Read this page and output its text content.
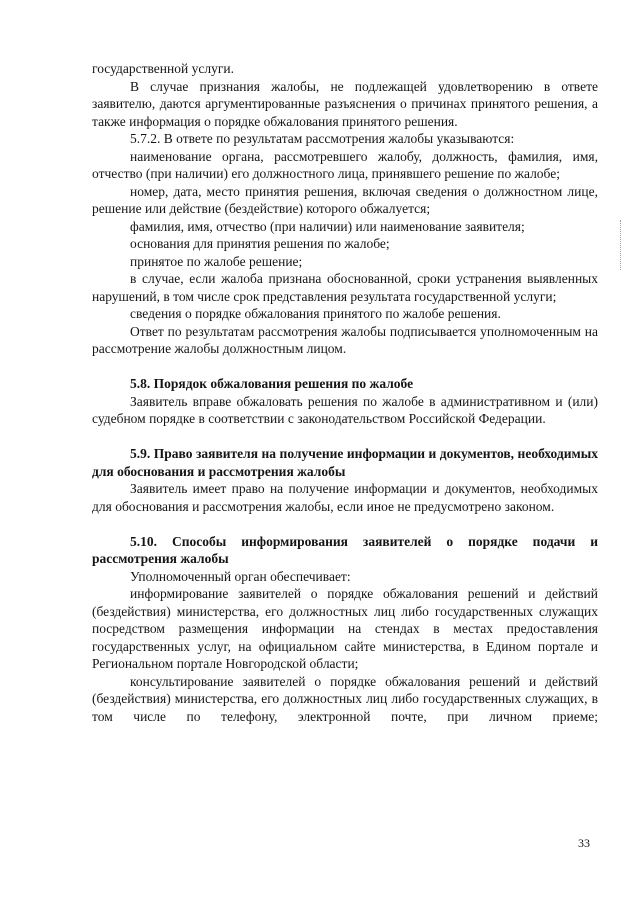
государственной услуги.

В случае признания жалобы, не подлежащей удовлетворению в ответе заявителю, даются аргументированные разъяснения о причинах принятого решения, а также информация о порядке обжалования принятого решения.

5.7.2. В ответе по результатам рассмотрения жалобы указываются:

наименование органа, рассмотревшего жалобу, должность, фамилия, имя, отчество (при наличии) его должностного лица, принявшего решение по жалобе;

номер, дата, место принятия решения, включая сведения о должностном лице, решение или действие (бездействие) которого обжалуется;

фамилия, имя, отчество (при наличии) или наименование заявителя;

основания для принятия решения по жалобе;

принятое по жалобе решение;

в случае, если жалоба признана обоснованной, сроки устранения выявленных нарушений, в том числе срок представления результата государственной услуги;

сведения о порядке обжалования принятого по жалобе решения.

Ответ по результатам рассмотрения жалобы подписывается уполномоченным на рассмотрение жалобы должностным лицом.

5.8. Порядок обжалования решения по жалобе

Заявитель вправе обжаловать решения по жалобе в административном и (или) судебном порядке в соответствии с законодательством Российской Федерации.

5.9. Право заявителя на получение информации и документов, необходимых для обоснования и рассмотрения жалобы

Заявитель имеет право на получение информации и документов, необходимых для обоснования и рассмотрения жалобы, если иное не предусмотрено законом.

5.10. Способы информирования заявителей о порядке подачи и рассмотрения жалобы

Уполномоченный орган обеспечивает:

информирование заявителей о порядке обжалования решений и действий (бездействия) министерства, его должностных лиц либо государственных служащих посредством размещения информации на стендах в местах предоставления государственных услуг, на официальном сайте министерства, в Едином портале и Региональном портале Новгородской области;

консультирование заявителей о порядке обжалования решений и действий (бездействия) министерства, его должностных лиц либо государственных служащих, в том числе по телефону, электронной почте, при личном приеме;

33
